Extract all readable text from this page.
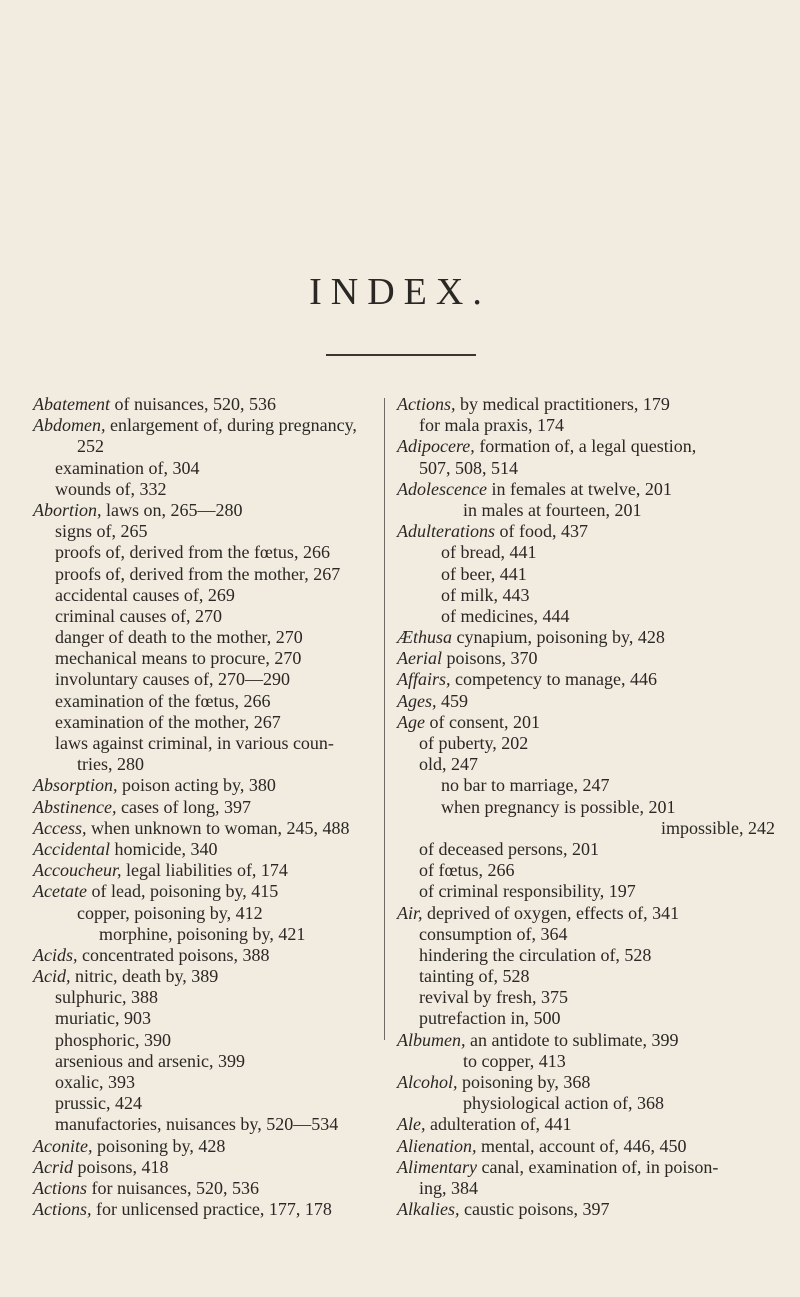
INDEX.
Abatement of nuisances, 520, 536
Abdomen, enlargement of, during pregnancy,
252
examination of, 304
wounds of, 332
Abortion, laws on, 265—280
signs of, 265
proofs of, derived from the fœtus, 266
proofs of, derived from the mother, 267
accidental causes of, 269
criminal causes of, 270
danger of death to the mother, 270
mechanical means to procure, 270
involuntary causes of, 270—290
examination of the fœtus, 266
examination of the mother, 267
laws against criminal, in various coun-
tries, 280
Absorption, poison acting by, 380
Abstinence, cases of long, 397
Access, when unknown to woman, 245, 488
Accidental homicide, 340
Accoucheur, legal liabilities of, 174
Acetate of lead, poisoning by, 415
copper, poisoning by, 412
morphine, poisoning by, 421
Acids, concentrated poisons, 388
Acid, nitric, death by, 389
sulphuric, 388
muriatic, 903
phosphoric, 390
arsenious and arsenic, 399
oxalic, 393
prussic, 424
manufactories, nuisances by, 520—534
Aconite, poisoning by, 428
Acrid poisons, 418
Actions for nuisances, 520, 536
Actions, for unlicensed practice, 177, 178
Actions, by medical practitioners, 179
for mala praxis, 174
Adipocere, formation of, a legal question,
507, 508, 514
Adolescence in females at twelve, 201
in males at fourteen, 201
Adulterations of food, 437
of bread, 441
of beer, 441
of milk, 443
of medicines, 444
Æthusa cynapium, poisoning by, 428
Aerial poisons, 370
Affairs, competency to manage, 446
Ages, 459
Age of consent, 201
of puberty, 202
old, 247
no bar to marriage, 247
when pregnancy is possible, 201
impossible, 242
of deceased persons, 201
of fœtus, 266
of criminal responsibility, 197
Air, deprived of oxygen, effects of, 341
consumption of, 364
hindering the circulation of, 528
tainting of, 528
revival by fresh, 375
putrefaction in, 500
Albumen, an antidote to sublimate, 399
to copper, 413
Alcohol, poisoning by, 368
physiological action of, 368
Ale, adulteration of, 441
Alienation, mental, account of, 446, 450
Alimentary canal, examination of, in poison-
ing, 384
Alkalies, caustic poisons, 397
